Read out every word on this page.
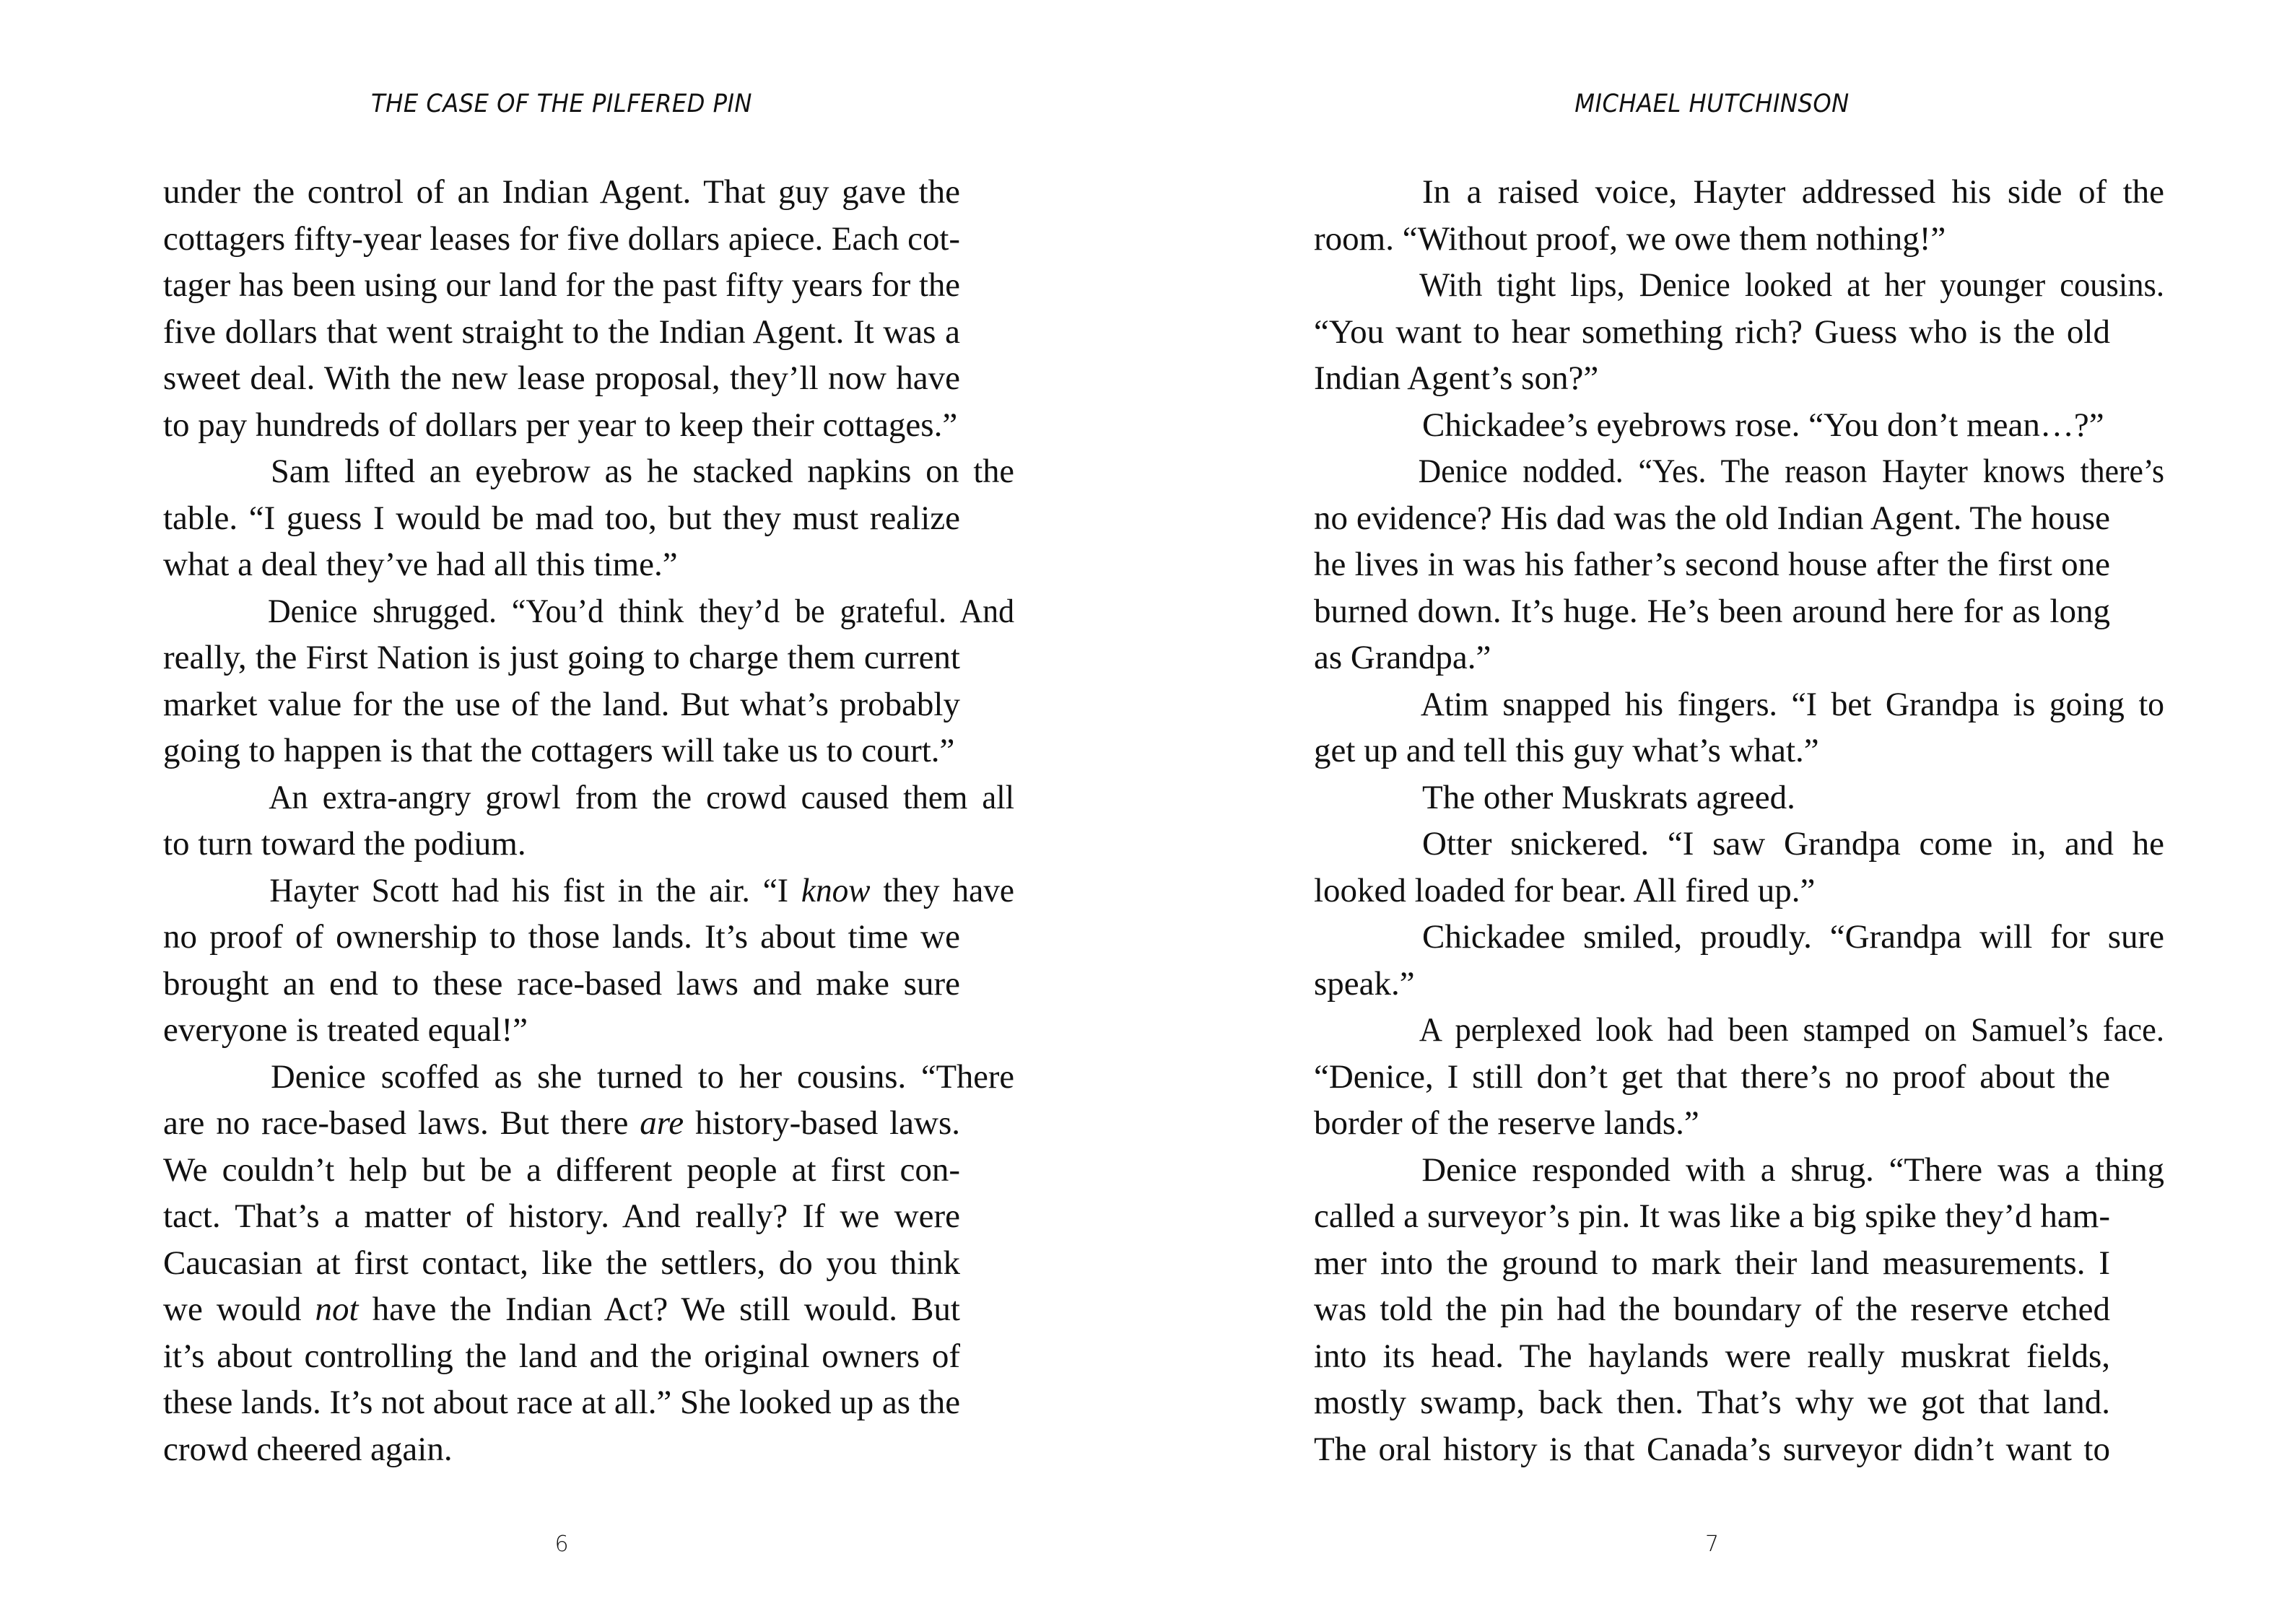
THE CASE OF THE PILFERED PIN
under the control of an Indian Agent. That guy gave the
cottagers fifty-year leases for five dollars apiece. Each cot-
tager has been using our land for the past fifty years for the
five dollars that went straight to the Indian Agent. It was a
sweet deal. With the new lease proposal, they’ll now have
to pay hundreds of dollars per year to keep their cottages.”
Sam lifted an eyebrow as he stacked napkins on the
table. “I guess I would be mad too, but they must realize
what a deal they’ve had all this time.”
Denice shrugged. “You’d think they’d be grateful. And
really, the First Nation is just going to charge them current
market value for the use of the land. But what’s probably
going to happen is that the cottagers will take us to court.”
An extra-angry growl from the crowd caused them all
to turn toward the podium.
Hayter Scott had his fist in the air. “I know they have
no proof of ownership to those lands. It’s about time we
brought an end to these race-based laws and make sure
everyone is treated equal!”
Denice scoffed as she turned to her cousins. “There
are no race-based laws. But there are history-based laws.
We couldn’t help but be a different people at first con-
tact. That’s a matter of history. And really? If we were
Caucasian at first contact, like the settlers, do you think
we would not have the Indian Act? We still would. But
it’s about controlling the land and the original owners of
these lands. It’s not about race at all.” She looked up as the
crowd cheered again.
6
MICHAEL HUTCHINSON
In a raised voice, Hayter addressed his side of the
room. “Without proof, we owe them nothing!”
With tight lips, Denice looked at her younger cousins.
“You want to hear something rich? Guess who is the old
Indian Agent’s son?”
Chickadee’s eyebrows rose. “You don’t mean…?”
Denice nodded. “Yes. The reason Hayter knows there’s
no evidence? His dad was the old Indian Agent. The house
he lives in was his father’s second house after the first one
burned down. It’s huge. He’s been around here for as long
as Grandpa.”
Atim snapped his fingers. “I bet Grandpa is going to
get up and tell this guy what’s what.”
The other Muskrats agreed.
Otter snickered. “I saw Grandpa come in, and he
looked loaded for bear. All fired up.”
Chickadee smiled, proudly. “Grandpa will for sure
speak.”
A perplexed look had been stamped on Samuel’s face.
“Denice, I still don’t get that there’s no proof about the
border of the reserve lands.”
Denice responded with a shrug. “There was a thing
called a surveyor’s pin. It was like a big spike they’d ham-
mer into the ground to mark their land measurements. I
was told the pin had the boundary of the reserve etched
into its head. The haylands were really muskrat fields,
mostly swamp, back then. That’s why we got that land.
The oral history is that Canada’s surveyor didn’t want to
7
